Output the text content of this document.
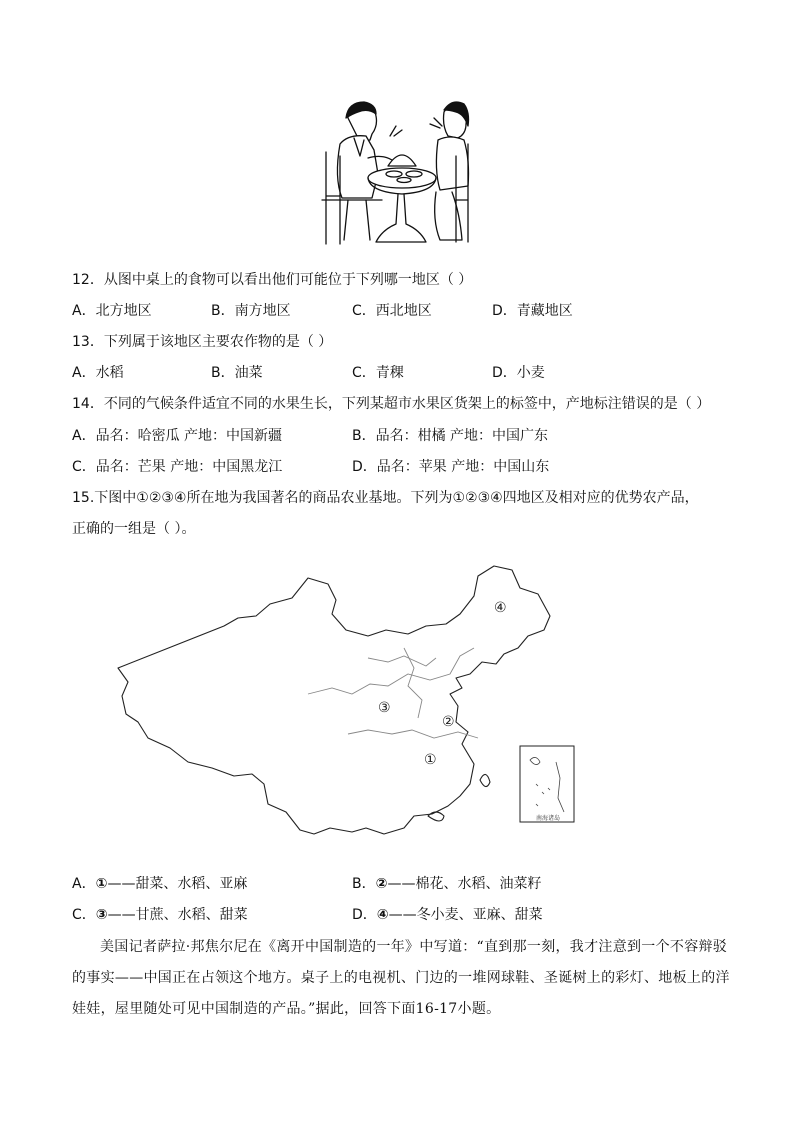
12．从图中桌上的食物可以看出他们可能位于下列哪一地区（ ）
A．北方地区	B．南方地区	C．西北地区	D．青藏地区
13．下列属于该地区主要农作物的是（ ）
A．水稻	B．油菜	C．青稞	D．小麦
14．不同的气候条件适宜不同的水果生长，下列某超市水果区货架上的标签中，产地标注错误的是（ ）
A．品名：哈密瓜 产地：中国新疆	B．品名：柑橘 产地：中国广东
C．品名：芒果 产地：中国黑龙江	D．品名：苹果 产地：中国山东
15.下图中①②③④所在地为我国著名的商品农业基地。下列为①②③④四地区及相对应的优势农产品，
正确的一组是（ ）。
南海诸岛
④
③
②
①
A．①——甜菜、水稻、亚麻	B．②——棉花、水稻、油菜籽
C．③——甘蔗、水稻、甜菜	D．④——冬小麦、亚麻、甜菜
美国记者萨拉·邦焦尔尼在《离开中国制造的一年》中写道：“直到那一刻，我才注意到一个不容辩驳
的事实——中国正在占领这个地方。桌子上的电视机、门边的一堆网球鞋、圣诞树上的彩灯、地板上的洋
娃娃，屋里随处可见中国制造的产品。”据此，回答下面16-17小题。
